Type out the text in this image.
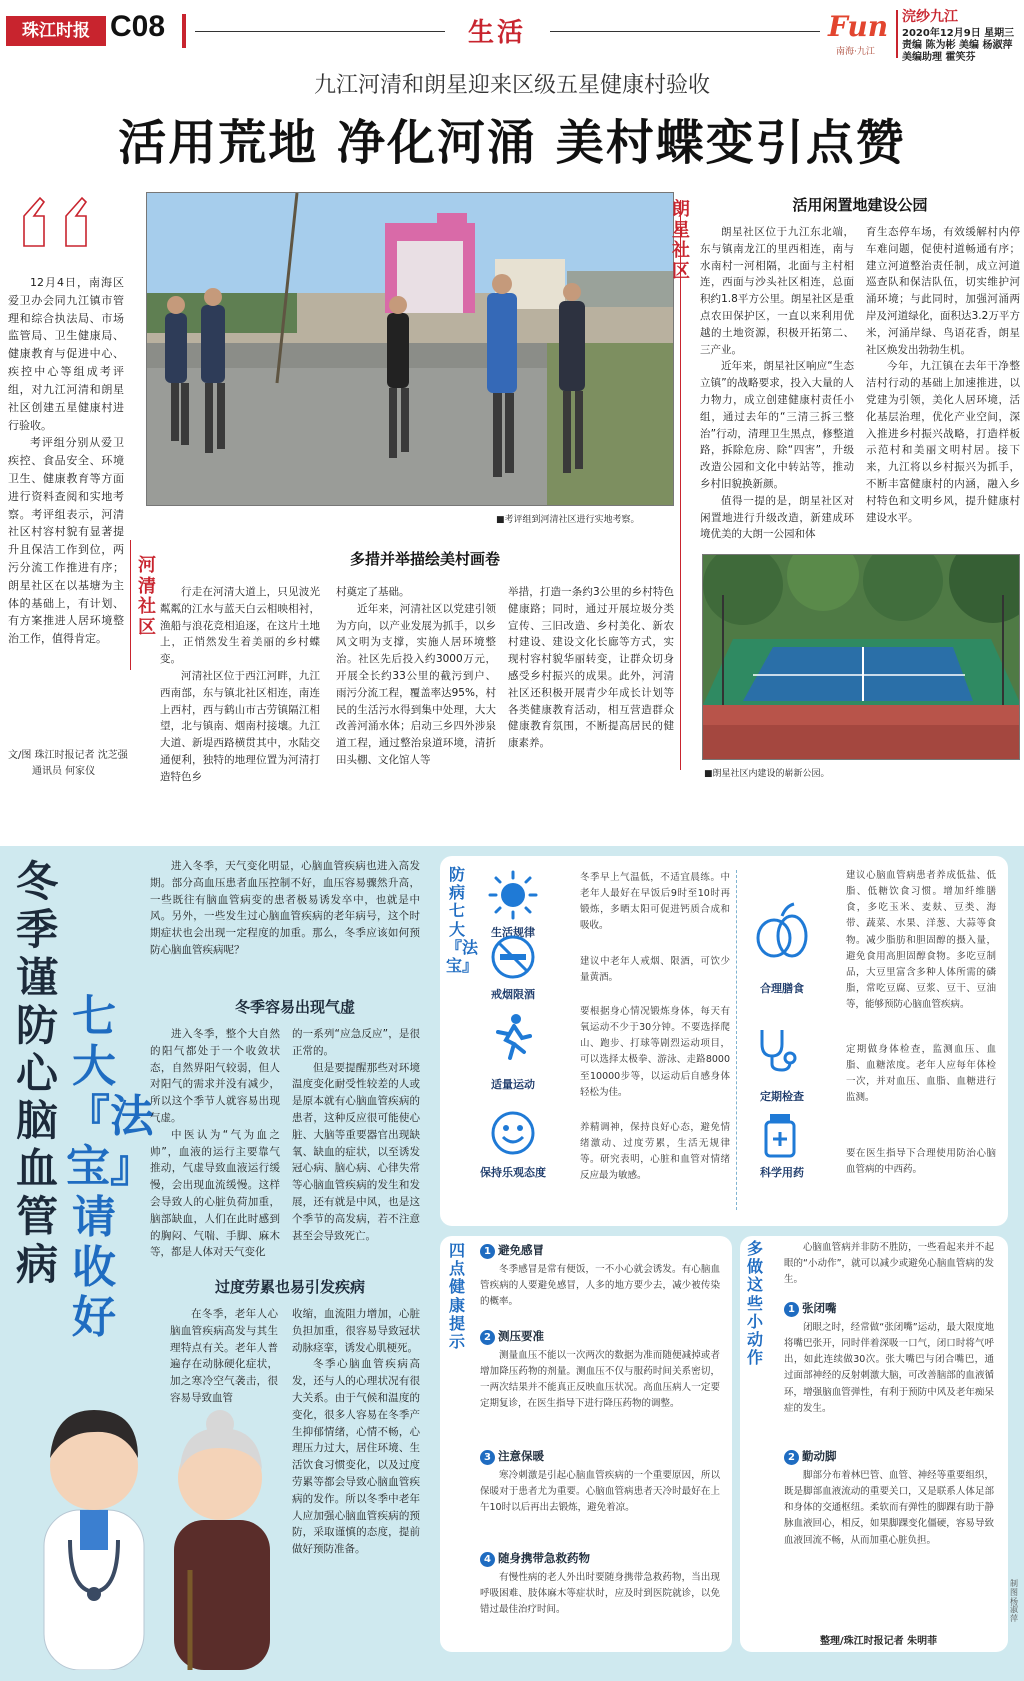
珠江时报 C08	生活	Fun
南海·九江
浣纱九江
2020年12月9日 星期三
责编 陈为彬 美编 杨淑萍
美编助理 霍笑芬
九江河清和朗星迎来区级五星健康村验收
活用荒地 净化河涌 美村蝶变引点赞

12月4日，南海区爱卫办会同九江镇市管理和综合执法局、市场监管局、卫生健康局、健康教育与促进中心、疾控中心等组成考评组，对九江河清和朗星社区创建五星健康村进行验收。

考评组分别从爱卫疾控、食品安全、环境卫生、健康教育等方面进行资料查阅和实地考察。考评组表示，河清社区村容村貌有显著提升且保洁工作到位，两污分流工作推进有序；朗星社区在以基塘为主体的基础上，有计划、有方案推进人居环境整治工作，值得肯定。

文/图 珠江时报记者 沈芝强
通讯员 何家仪
河清社区
■考评组到河清社区进行实地考察。
多措并举描绘美村画卷

行走在河清大道上，只见波光粼粼的江水与蓝天白云相映相衬，渔船与浪花竞相追逐，在这片土地上，正悄然发生着美丽的乡村蝶变。

河清社区位于西江河畔，九江西南部，东与镇北社区相连，南连上西村，西与鹤山市古劳镇隔江相望，北与镇南、烟南村接壤。九江大道、新堤西路横贯其中，水陆交通便利，独特的地理位置为河清打造特色乡

村奠定了基础。

近年来，河清社区以党建引领为方向，以产业发展为抓手，以乡风文明为支撑，实施人居环境整治。社区先后投入约3000万元，开展全长约33公里的截污到户、雨污分流工程，覆盖率达95%，村民的生活污水得到集中处理，大大改善河涌水体；启动三乡四外涉泉道工程，通过整治泉道环境，清折田头棚、文化馆人等

举措，打造一条约3公里的乡村特色健康路；同时，通过开展垃圾分类宣传、三旧改造、乡村美化、新农村建设、建设文化长廊等方式，实现村容村貌华丽转变，让群众切身感受乡村振兴的成果。此外，河清社区还积极开展青少年成长计划等各类健康教育活动，相互营造群众健康教育氛围，不断提高居民的健康素养。

朗星社区
活用闲置地建设公园

朗星社区位于九江东北端，东与镇南龙江的里西相连，南与水南村一河相隔，北面与主村相连，西面与沙头社区相连，总面积约1.8平方公里。朗星社区是重点农田保护区，一直以来利用优越的土地资源，积极开拓第二、三产业。

近年来，朗星社区响应“生态立镇”的战略要求，投入大量的人力物力，成立创建健康村责任小组，通过去年的“三清三拆三整治”行动，清理卫生黑点，修整道路，拆除危房、除“四害”，升级改造公园和文化中转站等，推动乡村旧貌换新颜。

值得一提的是，朗星社区对闲置地进行升级改造，新建成环境优美的大朗一公园和体

育生态停车场，有效缓解村内停车难问题，促使村道畅通有序；建立河道整治责任制，成立河道巡查队和保洁队伍，切实维护河涌环境；与此同时，加强河涌两岸及河道绿化，面积达3.2万平方米，河涌岸绿、鸟语花香，朗星社区焕发出勃勃生机。

今年，九江镇在去年干净整洁村行动的基础上加速推进，以党建为引领，美化人居环境，活化基层治理，优化产业空间，深入推进乡村振兴战略，打造样板示范村和美丽文明村居。接下来，九江将以乡村振兴为抓手，不断丰富健康村的内涵，融入乡村特色和文明乡风，提升健康村建设水平。

■朗星社区内建设的崭新公园。
冬季谨防心脑血管病
七大『法宝』请收好

进入冬季，天气变化明显，心脑血管疾病也进入高发期。部分高血压患者血压控制不好，血压容易骤然升高，一些既往有脑血管病变的患者极易诱发卒中，也就是中风。另外，一些发生过心脑血管疾病的老年病号，这个时期症状也会出现一定程度的加重。那么，冬季应该如何预防心脑血管疾病呢？

冬季容易出现气虚

进入冬季，整个大自然的阳气都处于一个收敛状态，自然界阳气较弱，但人对阳气的需求并没有减少，所以这个季节人就容易出现气虚。

中医认为“气为血之帅”，血液的运行主要靠气推动，气虚导致血液运行缓慢，会出现血流缓慢。这样会导致人的心脏负荷加重，脑部缺血，人们在此时感到的胸闷、气喘、手脚、麻木等，都是人体对天气变化

的一系列“应急反应”，是很正常的。

但是要提醒那些对环境温度变化耐受性较差的人或是原本就有心脑血管疾病的患者，这种反应很可能使心脏、大脑等重要器官出现缺氧、缺血的症状，以至诱发冠心病、脑心病、心律失常等心脑血管疾病的发生和发展，还有就是中风，也是这个季节的高发病，若不注意甚至会导致死亡。

过度劳累也易引发疾病

在冬季，老年人心脑血管疾病高发与其生理特点有关。老年人普遍存在动脉硬化症状，加之寒冷空气袭击，很容易导致血管

收缩，血流阻力增加，心脏负担加重，很容易导致冠状动脉痉挛，诱发心肌梗死。

冬季心脑血管疾病高发，还与人的心理状况有很大关系。由于气候和温度的变化，很多人容易在冬季产生抑郁情绪，心情不畅，心理压力过大，居住环境、生活饮食习惯变化，以及过度劳累等都会导致心脑血管疾病的发作。所以冬季中老年人应加强心脑血管疾病的预防，采取谨慎的态度，提前做好预防准备。

防病七大『法宝』
生活规律
冬季早上气温低，不适宜晨练。中老年人最好在早饭后9时至10时再锻炼，多晒太阳可促进钙质合成和吸收。
戒烟限酒
建议中老年人戒烟、限酒，可饮少量黄酒。
适量运动
要根据身心情况锻炼身体，每天有氧运动不少于30分钟。不要选择爬山、跑步、打球等剧烈运动项目，可以选择太极拳、游泳、走路8000至10000步等，以运动后自感身体轻松为佳。
保持乐观态度
养精调神，保持良好心态，避免情绪激动、过度劳累，生活无规律等。研究表明，心脏和血管对情绪反应最为敏感。
合理膳食
建议心脑血管病患者养成低盐、低脂、低糖饮食习惯。增加纤维膳食，多吃玉米、麦麸、豆类、海带、蔬菜、水果、洋葱、大蒜等食物。减少脂肪和胆固醇的摄入量，避免食用高胆固醇食物。多吃豆制品，大豆里富含多种人体所需的磷脂，常吃豆腐、豆浆、豆干、豆油等，能够预防心脑血管疾病。
定期检查
定期做身体检查，监测血压、血脂、血糖浓度。老年人应每年体检一次，并对血压、血脂、血糖进行监测。
科学用药
要在医生指导下合理使用防治心脑血管病的中西药。
四点健康提示
1 避免感冒
冬季感冒是常有便饭，一不小心就会诱发。有心脑血管疾病的人要避免感冒，人多的地方要少去，减少被传染的概率。
2 测压要准
测量血压不能以一次两次的数据为准而随便减掉或者增加降压药物的剂量。测血压不仅与服药时间关系密切，一两次结果并不能真正反映血压状况。高血压病人一定要定期复诊，在医生指导下进行降压药物的调整。
3 注意保暖
寒冷刺激是引起心脑血管疾病的一个重要原因，所以保暖对于患者尤为重要。心脑血管病患者天冷时最好在上午10时以后再出去锻炼，避免着凉。
4 随身携带急救药物
有慢性病的老人外出时要随身携带急救药物，当出现呼吸困难、肢体麻木等症状时，应及时到医院就诊，以免错过最佳治疗时间。
多做这些小动作
心脑血管病并非防不胜防，一些看起来并不起眼的“小动作”，就可以减少或避免心脑血管病的发生。
1 张闭嘴
闭眼之时，经常做“张闭嘴”运动，最大限度地将嘴巴张开，同时伴着深吸一口气，闭口时将气呼出，如此连续做30次。张大嘴巴与闭合嘴巴，通过面部神经的反射刺激大脑，可改善脑部的血液循环，增强脑血管弹性，有利于预防中风及老年痴呆症的发生。
2 勤动脚
脚部分布着林巴管、血管、神经等重要组织，既是脚部血液流动的重要关口，又是联系人体足部和身体的交通枢纽。柔软而有弹性的脚踝有助于静脉血液回心，相反，如果脚踝变化僵硬，容易导致血液回流不畅，从而加重心脏负担。
整理/珠江时报记者 朱明菲
制图 杨淑萍
